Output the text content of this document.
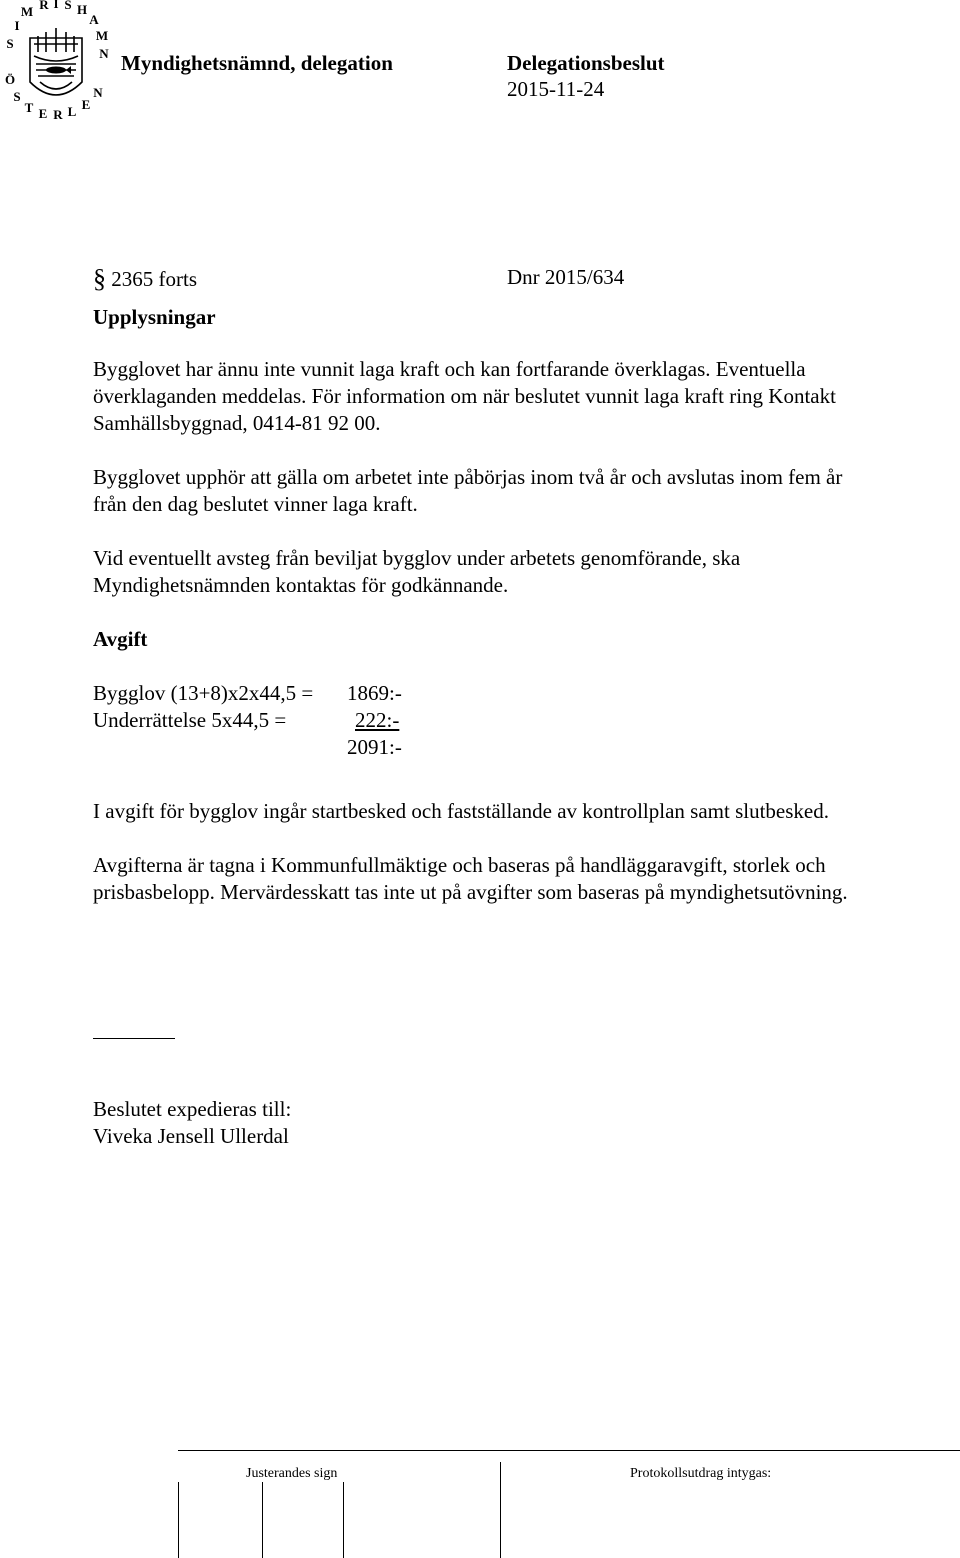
S
I
M R I S H
A
M
N
Ö
S
T E R L E
N
Myndighetsnämnd, delegation	Delegationsbeslut
2015-11-24
§ 2365 forts	Dnr 2015/634
Upplysningar

Bygglovet har ännu inte vunnit laga kraft och kan fortfarande överklagas. Eventuella

överklaganden meddelas. För information om när beslutet vunnit laga kraft ring Kontakt

Samhällsbyggnad, 0414-81 92 00.

Bygglovet upphör att gälla om arbetet inte påbörjas inom två år och avslutas inom fem år

från den dag beslutet vinner laga kraft.

Vid eventuellt avsteg från beviljat bygglov under arbetets genomförande, ska

Myndighetsnämnden kontaktas för godkännande.

Avgift
Bygglov (13+8)x2x44,5 = 1869:-
Underrättelse 5x44,5 =	222:-
2091:-
I avgift för bygglov ingår startbesked och fastställande av kontrollplan samt slutbesked.

Avgifterna är tagna i Kommunfullmäktige och baseras på handläggaravgift, storlek och

prisbasbelopp. Mervärdesskatt tas inte ut på avgifter som baseras på myndighetsutövning.

Beslutet expedieras till:

Viveka Jensell Ullerdal

Justerandes sign	Protokollsutdrag intygas:
